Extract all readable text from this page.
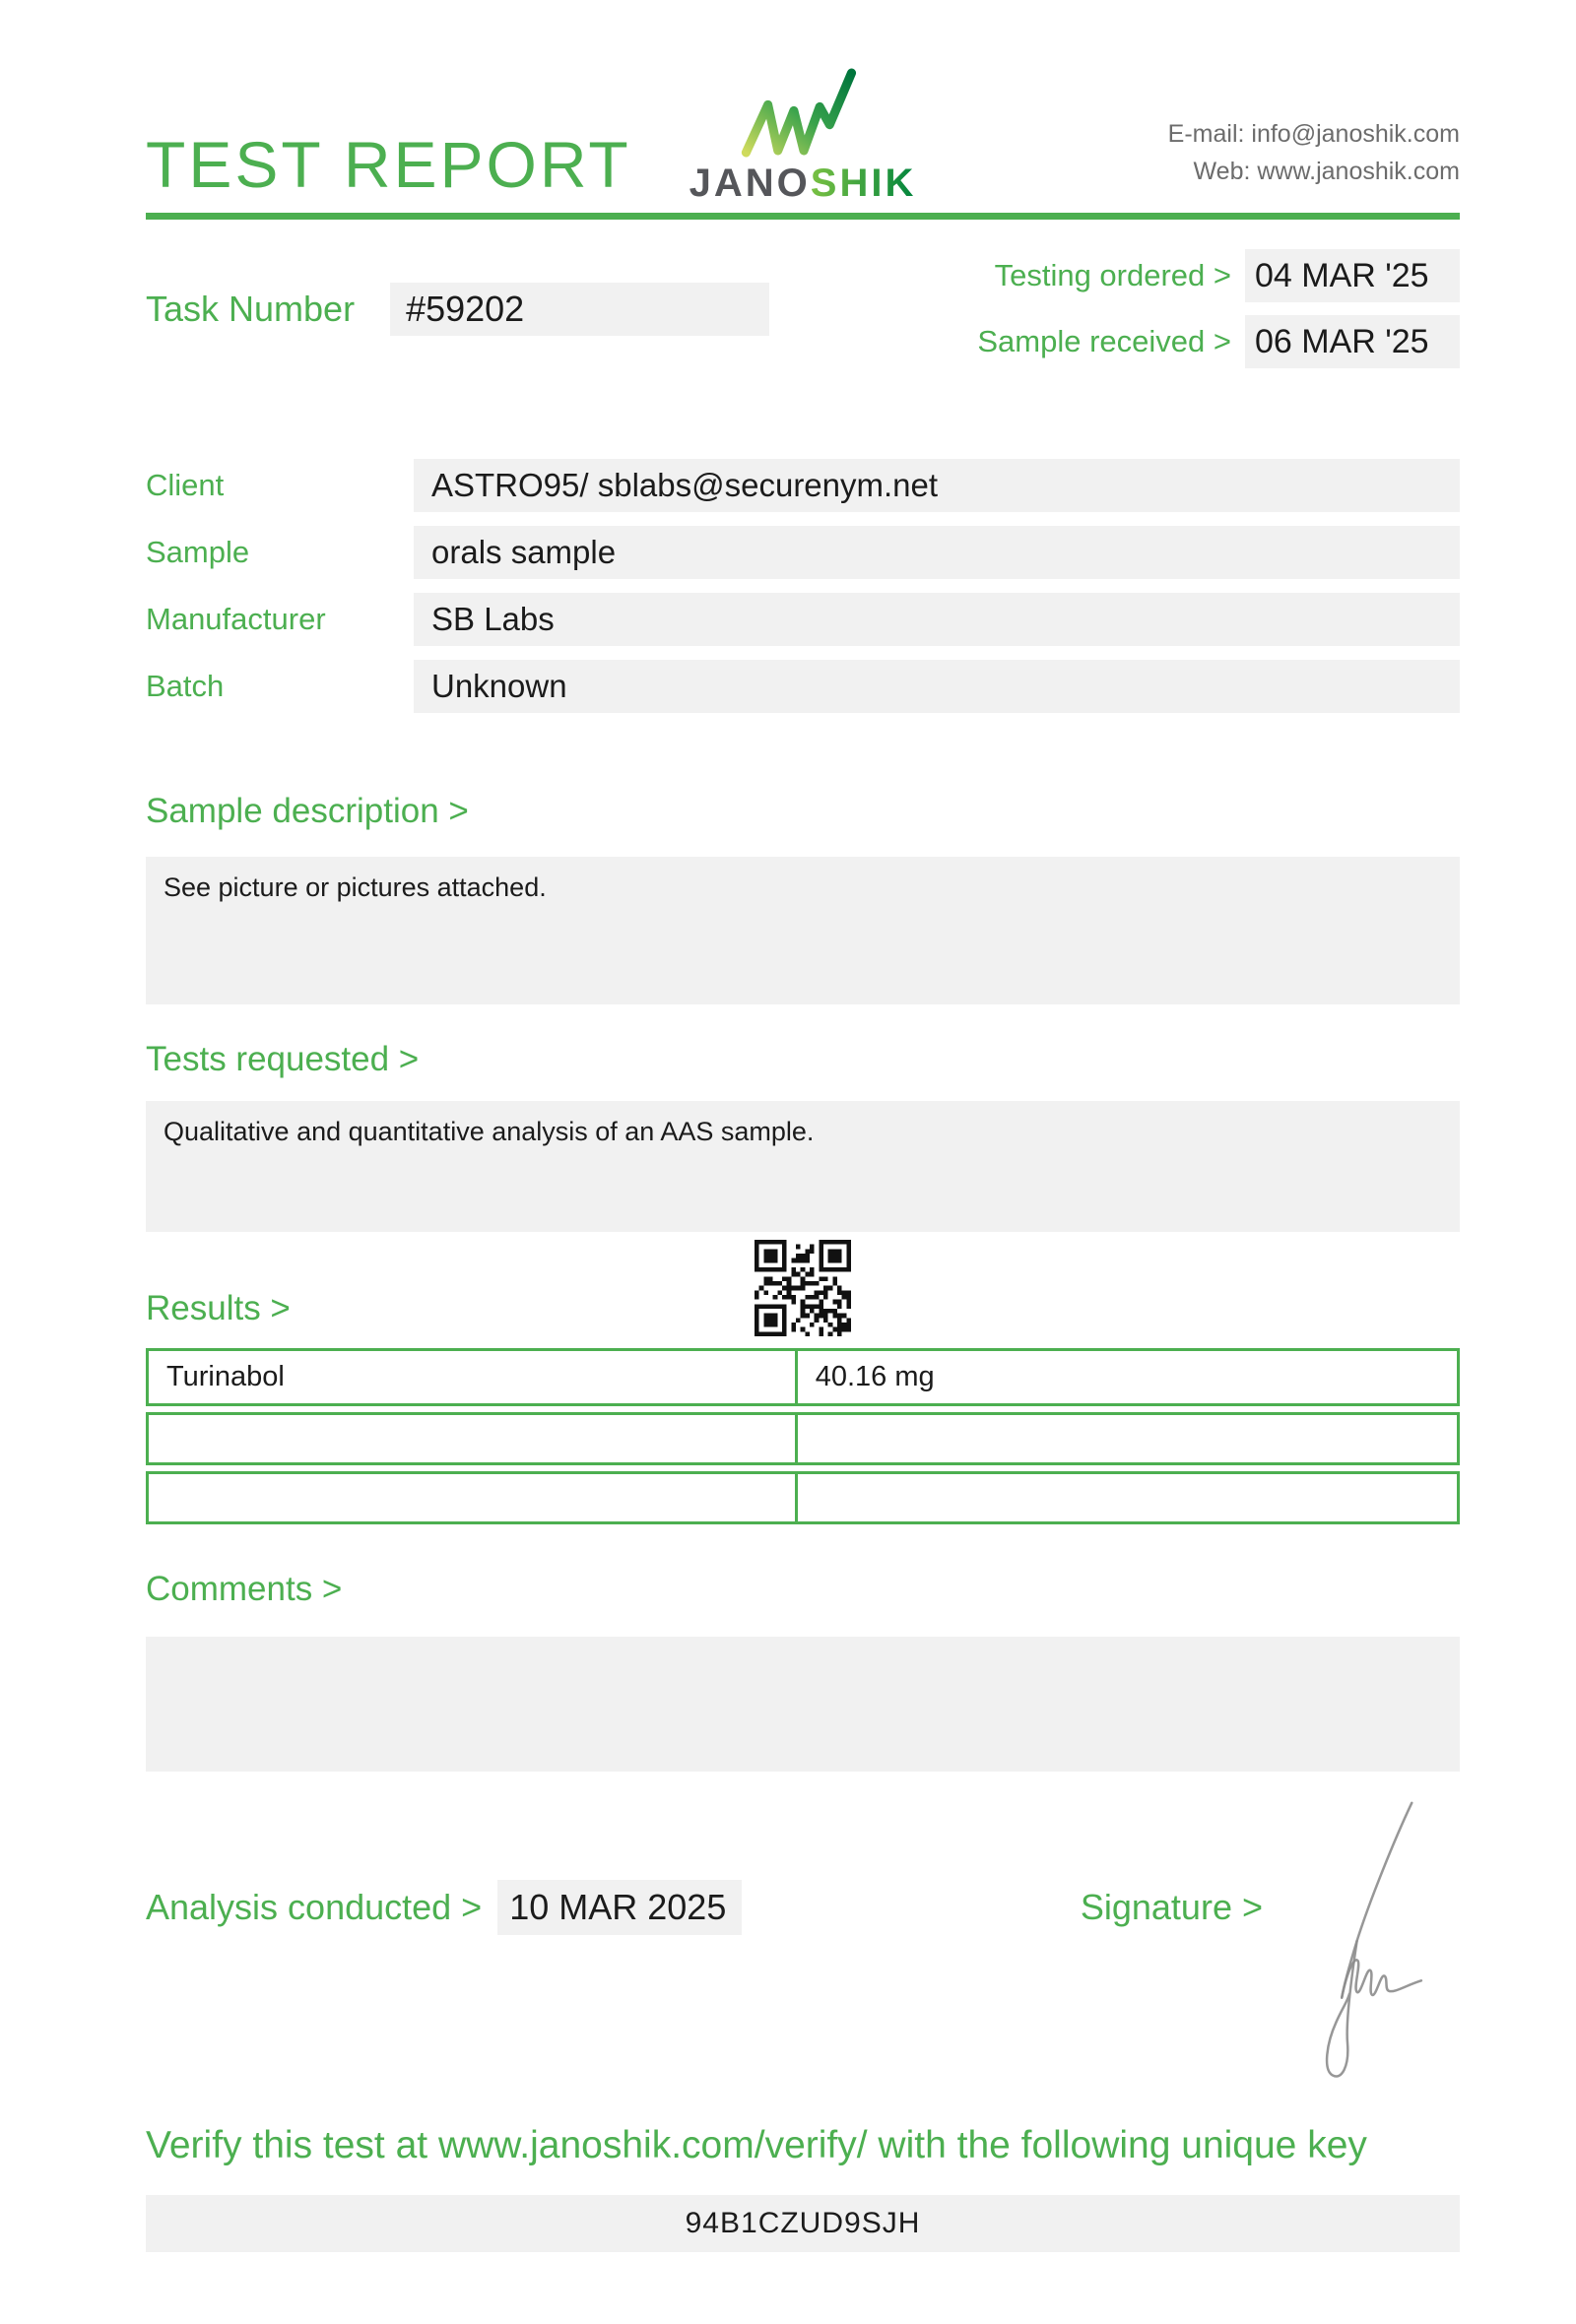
TEST REPORT JANOSHIK
E-mail: info@janoshik.com
Web: www.janoshik.com
Task Number	#59202
Testing ordered > 04 MAR '25
Sample received > 06 MAR '25
Client	ASTRO95/ sblabs@securenym.net
Sample	orals sample
Manufacturer	SB Labs
Batch	Unknown
Sample description >
See picture or pictures attached.
Tests requested >
Qualitative and quantitative analysis of an AAS sample.
Results >
Turinabol	40.16 mg
Comments >
Analysis conducted > 10 MAR 2025	Signature >
Verify this test at www.janoshik.com/verify/ with the following unique key
94B1CZUD9SJH
